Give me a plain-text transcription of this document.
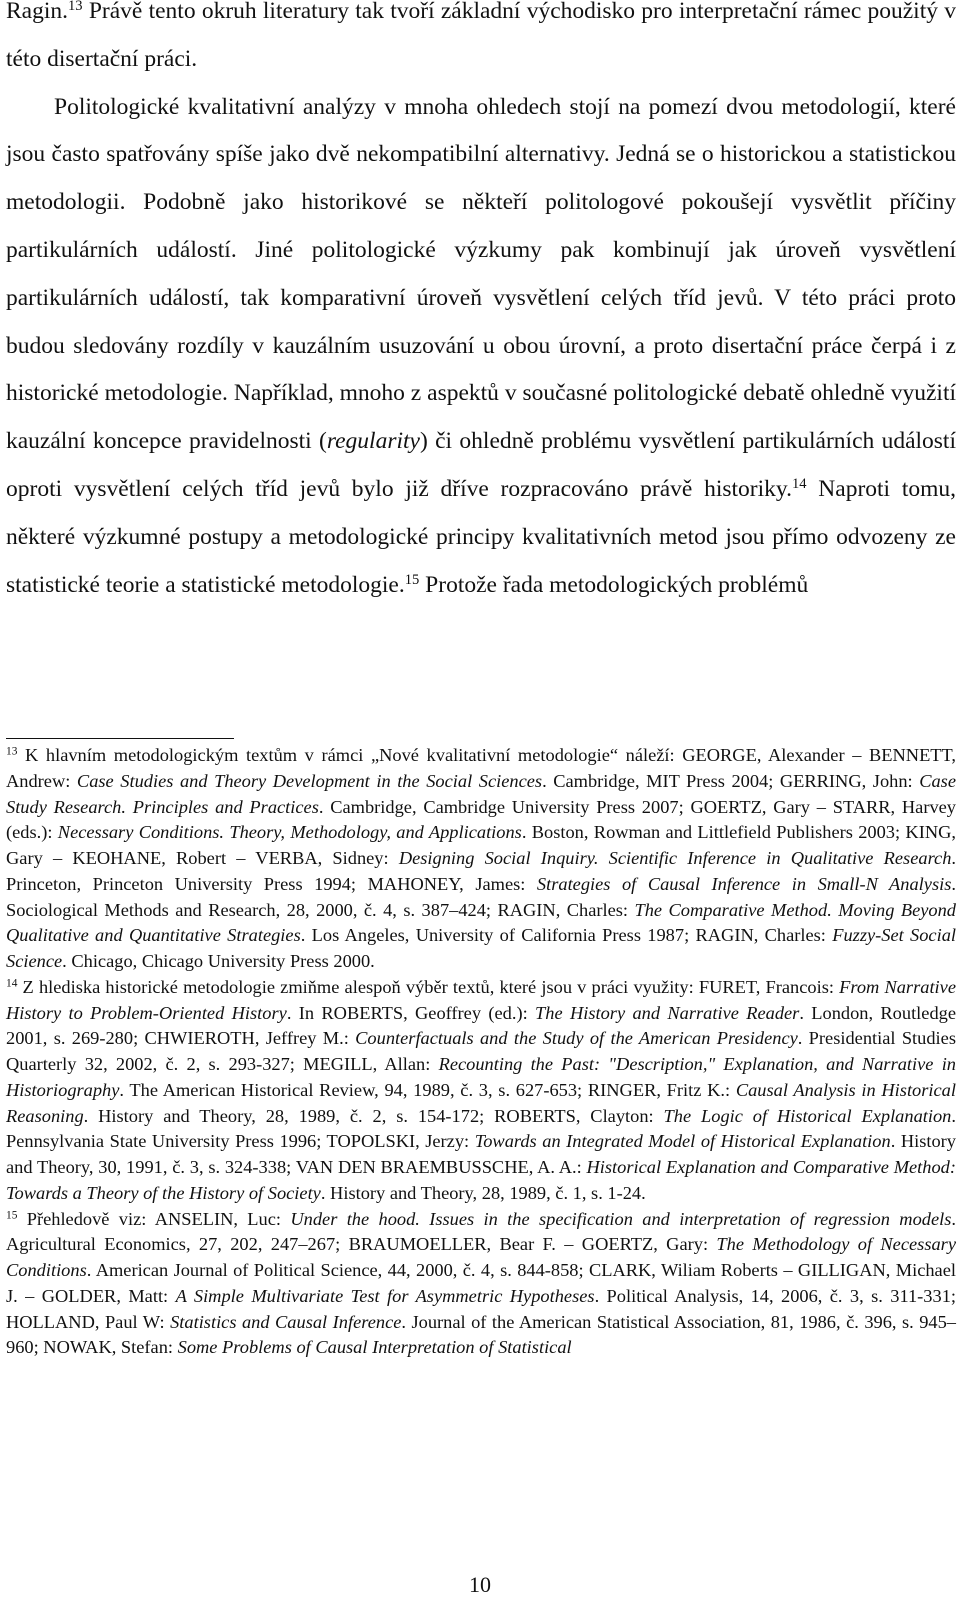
Ragin.$^{13}$ Právě tento okruh literatury tak tvoří základní východisko pro interpretační rámec použitý v této disertační práci.

Politologické kvalitativní analýzy v mnoha ohledech stojí na pomezí dvou metodologií, které jsou často spatřovány spíše jako dvě nekompatibilní alternativy. Jedná se o historickou a statistickou metodologii. Podobně jako historikové se někteří politologové pokoušejí vysvětlit příčiny partikulárních událostí. Jiné politologické výzkumy pak kombinují jak úroveň vysvětlení partikulárních událostí, tak komparativní úroveň vysvětlení celých tříd jevů. V této práci proto budou sledovány rozdíly v kauzálním usuzování u obou úrovní, a proto disertační práce čerpá i z historické metodologie. Například, mnoho z aspektů v současné politologické debatě ohledně využití kauzální koncepce pravidelnosti (regularity) či ohledně problému vysvětlení partikulárních událostí oproti vysvětlení celých tříd jevů bylo již dříve rozpracováno právě historiky.$^{14}$ Naproti tomu, některé výzkumné postupy a metodologické principy kvalitativních metod jsou přímo odvozeny ze statistické teorie a statistické metodologie.$^{15}$ Protože řada metodologických problémů

$^{13}$ K hlavním metodologickým textům v rámci „Nové kvalitativní metodologie“ náleží: GEORGE, Alexander – BENNETT, Andrew: Case Studies and Theory Development in the Social Sciences. Cambridge, MIT Press 2004; GERRING, John: Case Study Research. Principles and Practices. Cambridge, Cambridge University Press 2007; GOERTZ, Gary – STARR, Harvey (eds.): Necessary Conditions. Theory, Methodology, and Applications. Boston, Rowman and Littlefield Publishers 2003; KING, Gary – KEOHANE, Robert – VERBA, Sidney: Designing Social Inquiry. Scientific Inference in Qualitative Research. Princeton, Princeton University Press 1994; MAHONEY, James: Strategies of Causal Inference in Small-N Analysis. Sociological Methods and Research, 28, 2000, č. 4, s. 387–424; RAGIN, Charles: The Comparative Method. Moving Beyond Qualitative and Quantitative Strategies. Los Angeles, University of California Press 1987; RAGIN, Charles: Fuzzy-Set Social Science. Chicago, Chicago University Press 2000.

$^{14}$ Z hlediska historické metodologie zmiňme alespoň výběr textů, které jsou v práci využity: FURET, Francois: From Narrative History to Problem-Oriented History. In ROBERTS, Geoffrey (ed.): The History and Narrative Reader. London, Routledge 2001, s. 269-280; CHWIEROTH, Jeffrey M.: Counterfactuals and the Study of the American Presidency. Presidential Studies Quarterly 32, 2002, č. 2, s. 293-327; MEGILL, Allan: Recounting the Past: "Description," Explanation, and Narrative in Historiography. The American Historical Review, 94, 1989, č. 3, s. 627-653; RINGER, Fritz K.: Causal Analysis in Historical Reasoning. History and Theory, 28, 1989, č. 2, s. 154-172; ROBERTS, Clayton: The Logic of Historical Explanation. Pennsylvania State University Press 1996; TOPOLSKI, Jerzy: Towards an Integrated Model of Historical Explanation. History and Theory, 30, 1991, č. 3, s. 324-338; VAN DEN BRAEMBUSSCHE, A. A.: Historical Explanation and Comparative Method: Towards a Theory of the History of Society. History and Theory, 28, 1989, č. 1, s. 1-24.

$^{15}$ Přehledově viz: ANSELIN, Luc: Under the hood. Issues in the specification and interpretation of regression models. Agricultural Economics, 27, 202, 247–267; BRAUMOELLER, Bear F. – GOERTZ, Gary: The Methodology of Necessary Conditions. American Journal of Political Science, 44, 2000, č. 4, s. 844-858; CLARK, Wiliam Roberts – GILLIGAN, Michael J. – GOLDER, Matt: A Simple Multivariate Test for Asymmetric Hypotheses. Political Analysis, 14, 2006, č. 3, s. 311-331; HOLLAND, Paul W: Statistics and Causal Inference. Journal of the American Statistical Association, 81, 1986, č. 396, s. 945–960; NOWAK, Stefan: Some Problems of Causal Interpretation of Statistical

10
